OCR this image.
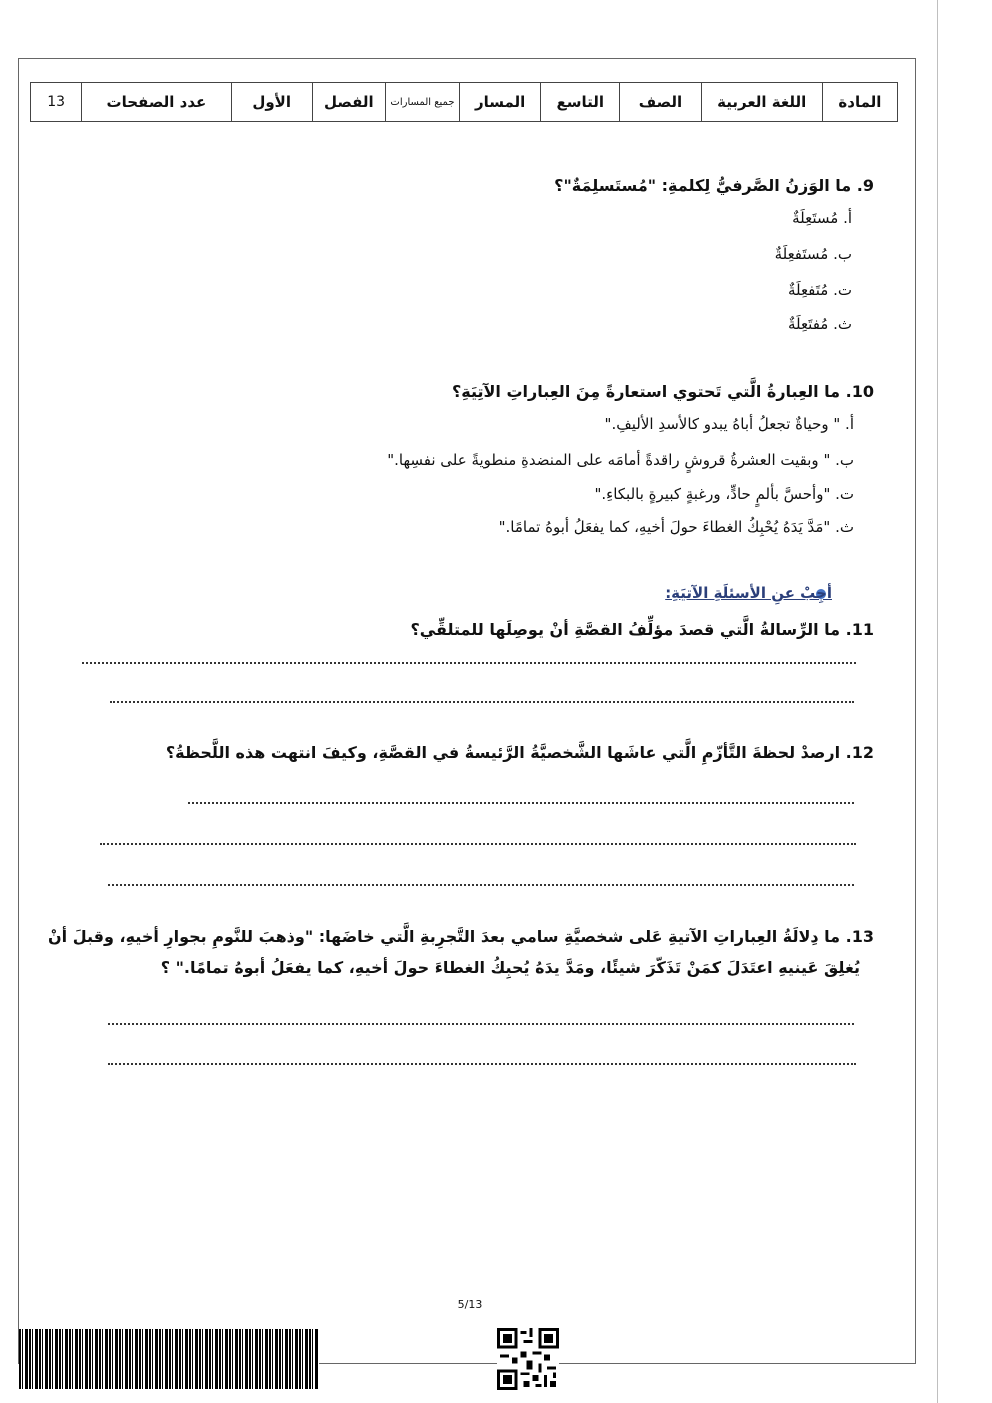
المادة	اللغة العربية	الصف	التاسع	المسار	جميع المسارات	الفصل	الأول	عدد الصفحات	13
9. ما الوَزنُ الصَّرفيُّ لِكلمةِ: "مُستَسلِمَةٌ"؟
أ. مُستَعِلَةٌ
ب. مُستَفعِلَةٌ
ت. مُتَفعِلَةٌ
ث. مُفتَعِلَةٌ
10. ما العِبارةُ الَّتي تَحتوي استعارةً مِنَ العِباراتِ الآتِيَةِ؟
أ. " وحياةٌ تجعلُ أباهُ يبدو كالأسدِ الأليفِ."
ب. " وبقيت العشرةُ قروشٍ راقدةً أمامَه على المنضدةِ منطويةً على نفسِها."
ت. "وأحسَّ بألمٍ حادٍّ، ورغبةٍ كبيرةٍ بالبكاءِ."
ث. "مَدَّ يَدَهُ يُحْبِكُ الغطاءَ حولَ أخيهِ، كما يفعَلُ أبوهُ تمامًا."
أجِبْ عنِ الأسئلَةِ الآتيَةِ:
11. ما الرِّسالةُ الَّتي قصدَ مؤلِّفُ القصَّةِ أنْ يوصِلَها للمتلقِّي؟
12. ارصدْ لحظةَ التَّأزّمِ الَّتي عاشَها الشَّخصيَّةُ الرَّئيسةُ في القصَّةِ، وكيفَ انتهت هذه اللَّحظةُ؟
13. ما دِلالَةُ العِباراتِ الآتيةِ عَلى شخصيَّةِ سامي بعدَ التَّجرِبةِ الَّتي خاضَها: "وذهبَ للنَّومِ بجوارِ أخيهِ، وقبلَ أنْ
يُغلِقَ عَينيهِ اعتَدَلَ كمَنْ تَذَكّرَ شيئًا، ومَدَّ يدَهُ يُحبِكُ الغطاءَ حولَ أخيهِ، كما يفعَلُ أبوهُ تمامًا." ؟
5/13
